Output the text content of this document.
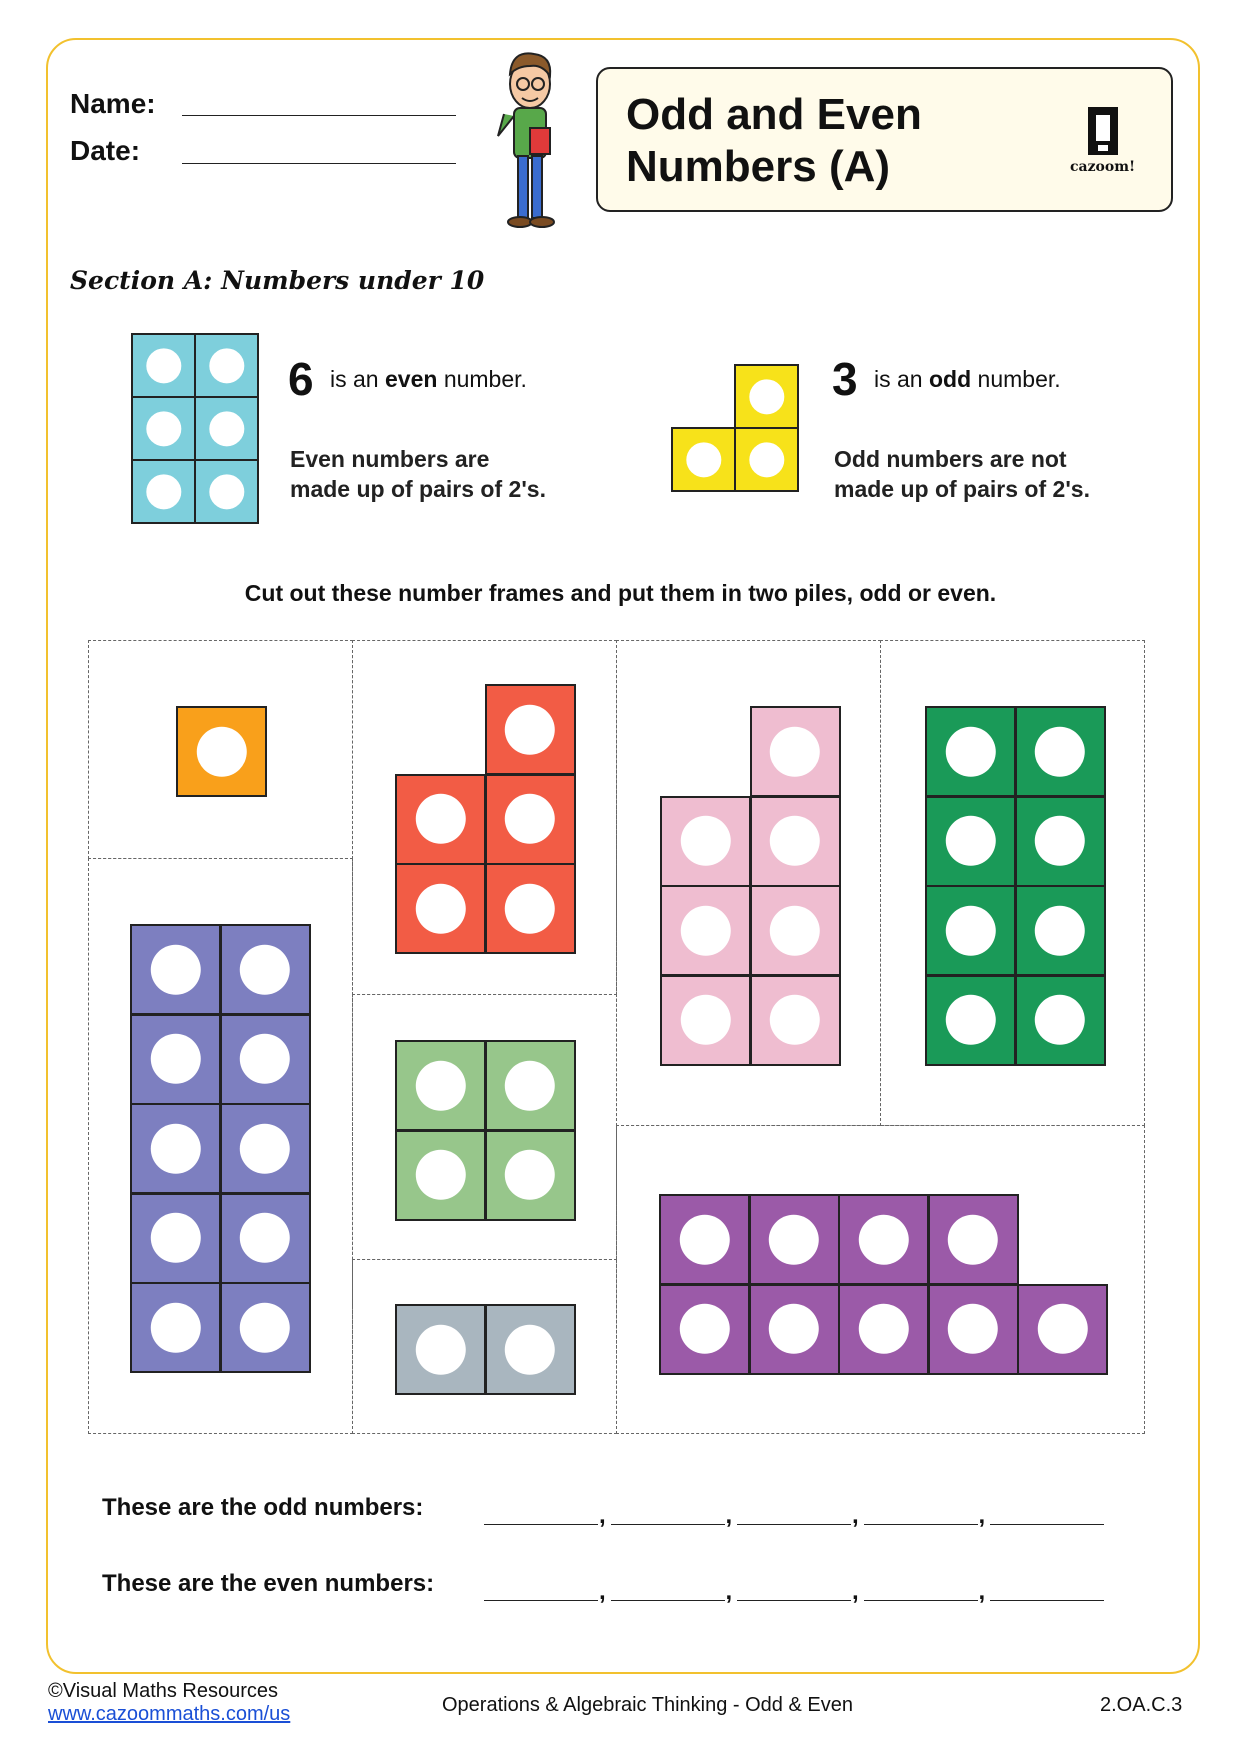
Name:
Date:
Odd and Even
Numbers (A)	cazoom!
Section A: Numbers under 10
6 is an even number.
Even numbers are
made up of pairs of 2's.
3 is an odd number.
Odd numbers are not
made up of pairs of 2's.
Cut out these number frames and put them in two piles, odd or even.
These are the odd numbers:
These are the even numbers:
,	,	,	,
,	,	,	,
©Visual Maths Resources
www.cazoommaths.com/us	Operations & Algebraic Thinking - Odd & Even	2.OA.C.3
